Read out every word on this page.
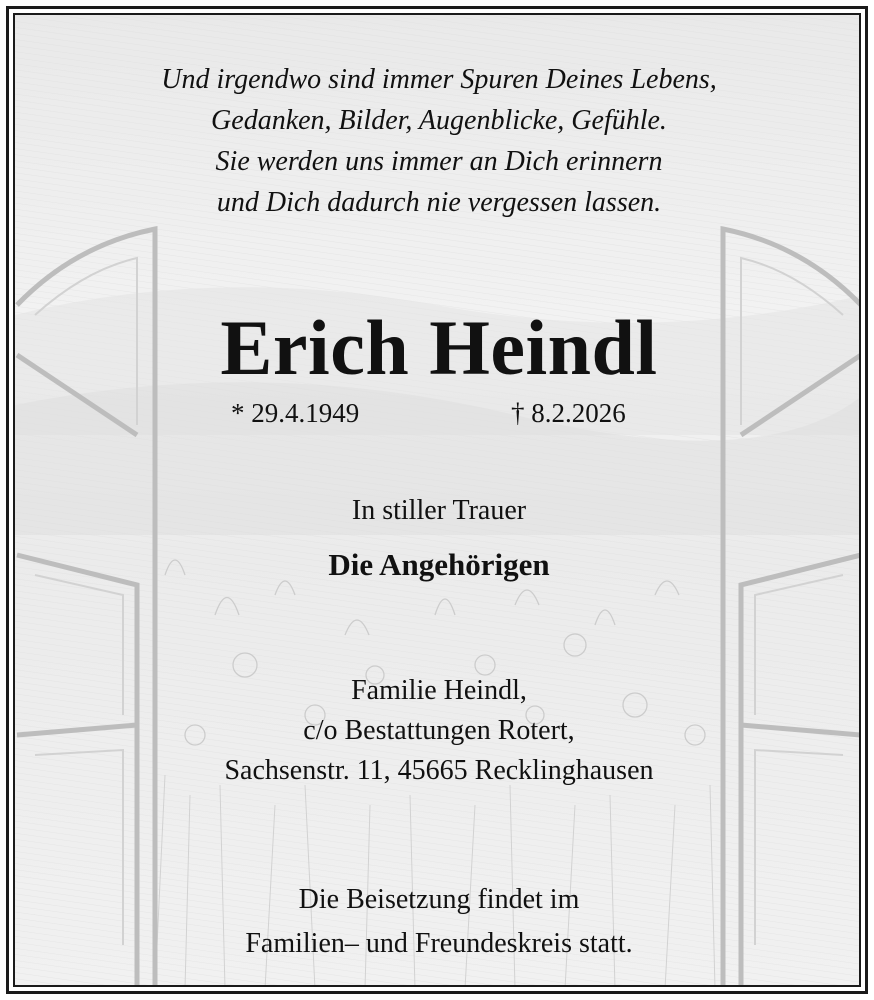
Und irgendwo sind immer Spuren Deines Lebens,
Gedanken, Bilder, Augenblicke, Gefühle.
Sie werden uns immer an Dich erinnern
und Dich dadurch nie vergessen lassen.
Erich Heindl
* 29.4.1949	† 8.2.2026
In stiller Trauer
Die Angehörigen
Familie Heindl,
c/o Bestattungen Rotert,
Sachsenstr. 11, 45665 Recklinghausen
Die Beisetzung findet im
Familien– und Freundeskreis statt.
